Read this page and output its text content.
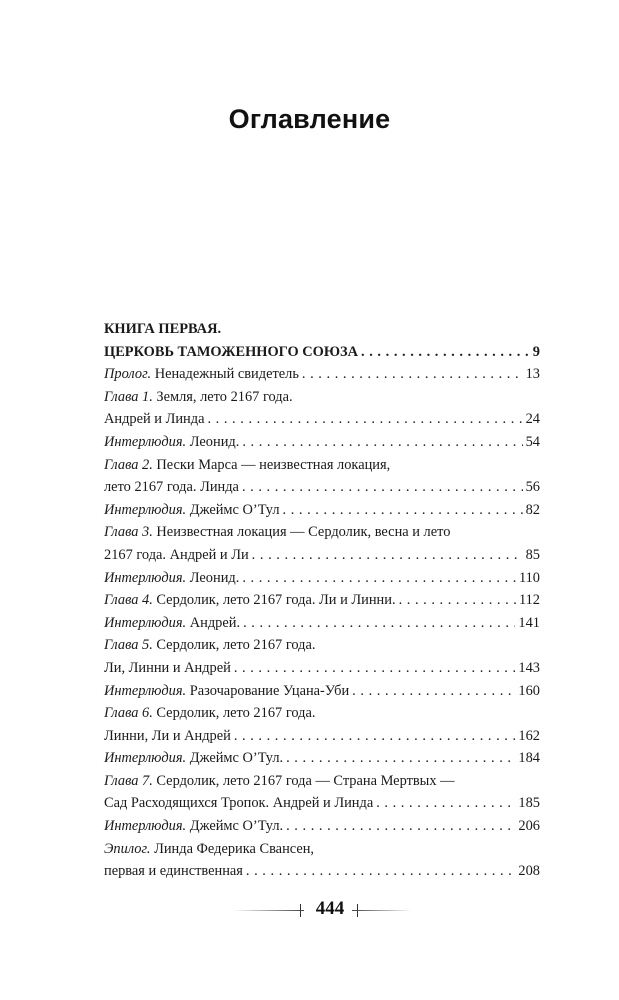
Оглавление
КНИГА ПЕРВАЯ.
ЦЕРКОВЬ ТАМОЖЕННОГО СОЮЗА . . .	9
Пролог. Ненадежный свидетель . . .	13
Глава 1. Земля, лето 2167 года.
Андрей и Линда . . .	24
Интерлюдия. Леонид. . . .	54
Глава 2. Пески Марса — неизвестная локация,
лето 2167 года. Линда . . .	56
Интерлюдия. Джеймс О’Тул . . .	82
Глава 3. Неизвестная локация — Сердолик, весна и лето
2167 года. Андрей и Ли . . .	85
Интерлюдия. Леонид. . . .	110
Глава 4. Сердолик, лето 2167 года. Ли и Линни. . . .	112
Интерлюдия. Андрей. . . .	141
Глава 5. Сердолик, лето 2167 года.
Ли, Линни и Андрей . . .	143
Интерлюдия. Разочарование Уцана-Уби . . .	160
Глава 6. Сердолик, лето 2167 года.
Линни, Ли и Андрей . . .	162
Интерлюдия. Джеймс О’Тул. . . .	184
Глава 7. Сердолик, лето 2167 года — Страна Мертвых —
Сад Расходящихся Тропок. Андрей и Линда . . .	185
Интерлюдия. Джеймс О’Тул. . . .	206
Эпилог. Линда Федерика Свансен,
первая и единственная . . .	208
444
